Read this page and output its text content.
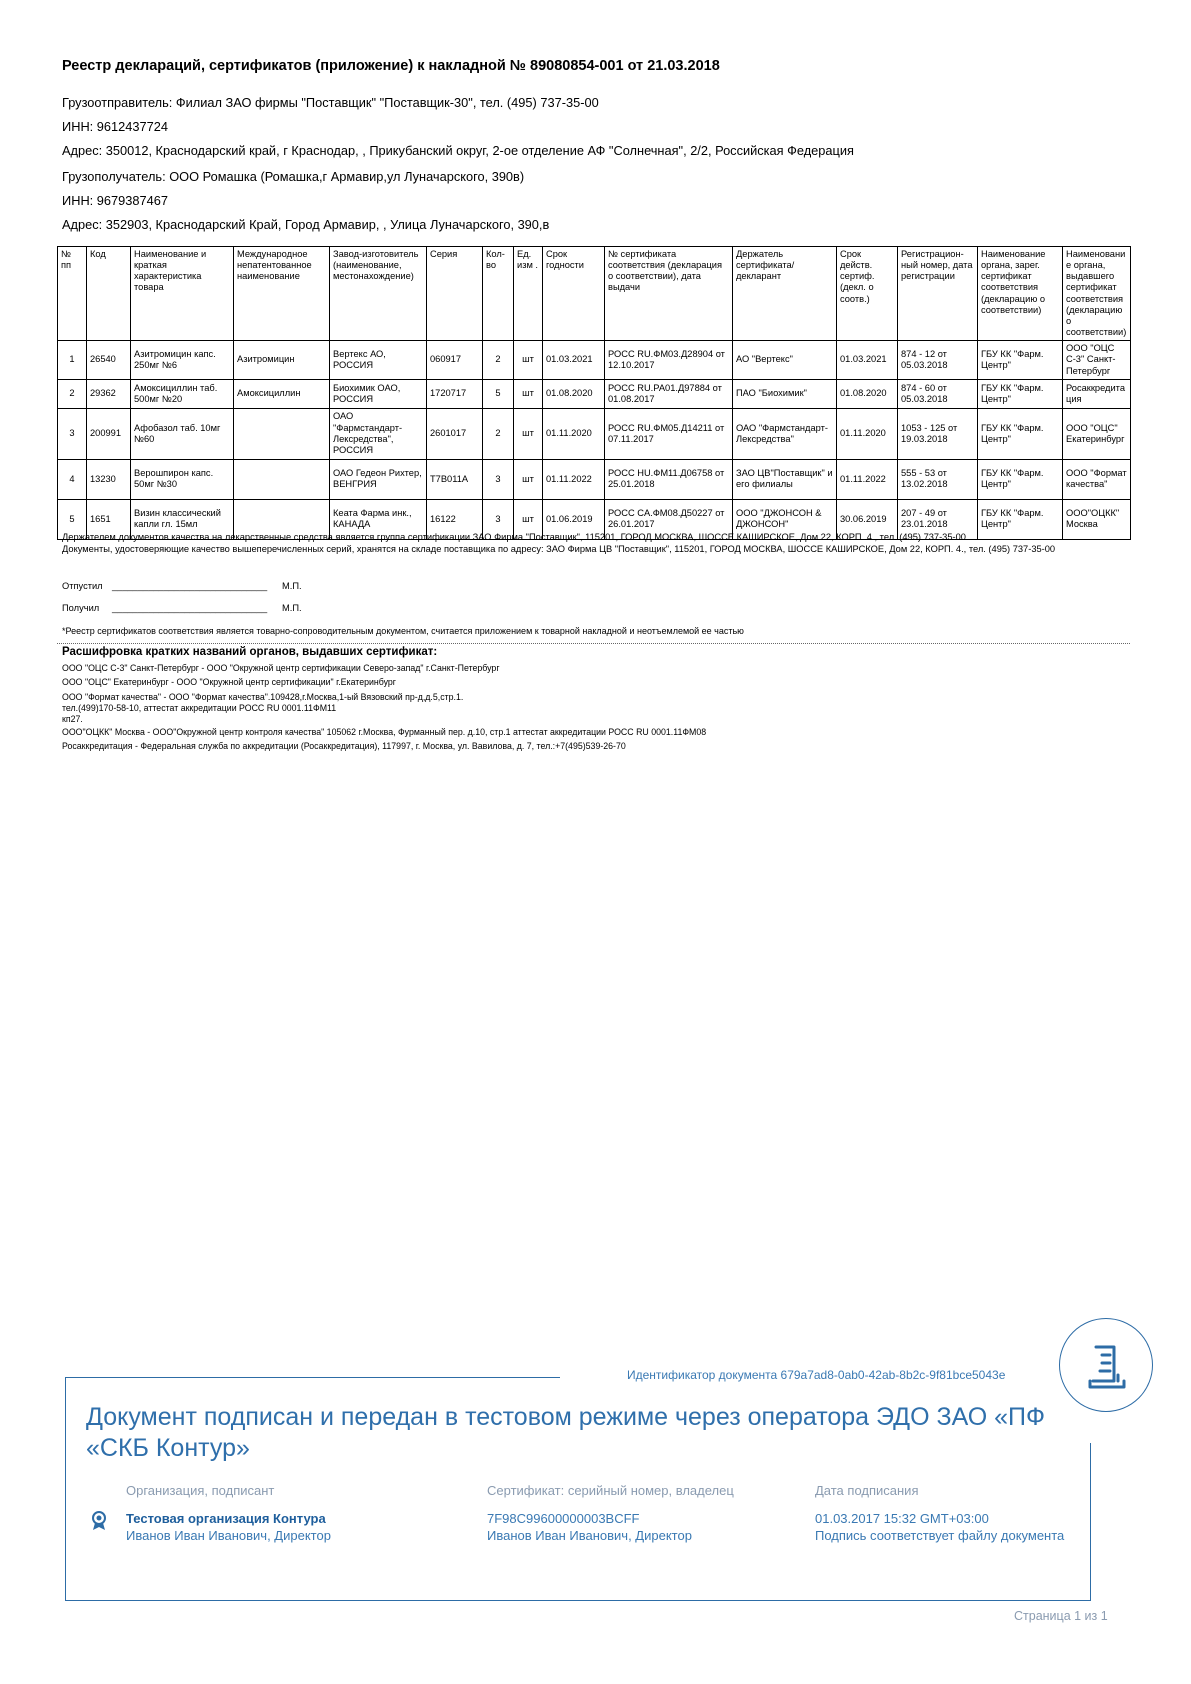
Реестр деклараций, сертификатов (приложение) к накладной № 89080854-001 от 21.03.2018
Грузоотправитель: Филиал ЗАО фирмы "Поставщик" "Поставщик-30", тел. (495) 737-35-00
ИНН: 9612437724
Адрес: 350012, Краснодарский край, г Краснодар, , Прикубанский округ, 2-ое отделение АФ "Солнечная", 2/2, Российская Федерация
Грузополучатель: ООО Ромашка (Ромашка,г Армавир,ул Луначарского, 390в)
ИНН: 9679387467
Адрес: 352903, Краснодарский Край, Город Армавир, , Улица Луначарского, 390,в
№ пп	Код	Наименование и краткая характеристика товара	Международное непатентованное наименование	Завод-изготовитель (наименование, местонахождение)	Серия	Кол-во	Ед. изм .	Срок годности	№ сертификата соответствия (декларация о соответствии), дата выдачи	Держатель сертификата/декларант	Срок действ. сертиф. (декл. о соотв.)	Регистрацион-ный номер, дата регистрации	Наименование органа, зарег. сертификат соответствия (декларацию о соответствии)	Наименование органа, выдавшего сертификат соответствия (декларацию о соответствии)
1	26540	Азитромицин капс. 250мг №6	Азитромицин	Вертекс АО, РОССИЯ	060917	2	шт	01.03.2021	РОСС RU.ФМ03.Д28904 от 12.10.2017	АО "Вертекс"	01.03.2021	874 - 12 от 05.03.2018	ГБУ КК "Фарм. Центр"	ООО "ОЦС С-3" Санкт-Петербург
2	29362	Амоксициллин таб. 500мг №20	Амоксициллин	Биохимик ОАО, РОССИЯ	1720717	5	шт	01.08.2020	РОСС RU.РА01.Д97884 от 01.08.2017	ПАО "Биохимик"	01.08.2020	874 - 60 от 05.03.2018	ГБУ КК "Фарм. Центр"	Росаккредитация
3	200991	Афобазол таб. 10мг №60		ОАО "Фармстандарт-Лексредства", РОССИЯ	2601017	2	шт	01.11.2020	РОСС RU.ФМ05.Д14211 от 07.11.2017	ОАО "Фармстандарт-Лексредства"	01.11.2020	1053 - 125 от 19.03.2018	ГБУ КК "Фарм. Центр"	ООО "ОЦС" Екатеринбург
4	13230	Верошпирон капс. 50мг №30		ОАО Гедеон Рихтер, ВЕНГРИЯ	T7B011A	3	шт	01.11.2022	РОСС HU.ФМ11.Д06758 от 25.01.2018	ЗАО ЦВ"Поставщик" и его филиалы	01.11.2022	555 - 53 от 13.02.2018	ГБУ КК "Фарм. Центр"	ООО "Формат качества"
5	1651	Визин классический капли гл. 15мл		Кеата Фарма инк., КАНАДА	16122	3	шт	01.06.2019	РОСС CA.ФМ08.Д50227 от 26.01.2017	ООО "ДЖОНСОН & ДЖОНСОН"	30.06.2019	207 - 49 от 23.01.2018	ГБУ КК "Фарм. Центр"	ООО"ОЦКК" Москва
Держателем документов качества на лекарственные средства является группа сертификации ЗАО Фирма "Поставщик", 115201, ГОРОД МОСКВА, ШОССЕ КАШИРСКОЕ, Дом 22, КОРП. 4., тел. (495) 737-35-00
Документы, удостоверяющие качество вышеперечисленных серий, хранятся на складе поставщика по адресу: ЗАО Фирма ЦВ "Поставщик", 115201, ГОРОД МОСКВА, ШОССЕ КАШИРСКОЕ, Дом 22, КОРП. 4., тел. (495) 737-35-00
Отпустил ______________________________ М.П.
Получил ______________________________ М.П.
*Реестр сертификатов соответствия является товарно-сопроводительным документом, считается приложением к товарной накладной и неотъемлемой ее частью
Расшифровка кратких названий органов, выдавших сертификат:
ООО "ОЦС С-3" Санкт-Петербург - ООО "Окружной центр сертификации Северо-запад" г.Санкт-Петербург
ООО "ОЦС" Екатеринбург - ООО "Окружной центр сертификации" г.Екатеринбург
ООО "Формат качества" - ООО "Формат качества".109428,г.Москва,1-ый Вязовский пр-д,д.5,стр.1.
тел.(499)170-58-10, аттестат аккредитации РОСС RU 0001.11ФМ11
кп27.
ООО"ОЦКК" Москва - ООО"Окружной центр контроля качества" 105062 г.Москва, Фурманный пер. д.10, стр.1 аттестат аккредитации РОСС RU 0001.11ФМ08
Росаккредитация - Федеральная служба по аккредитации (Росаккредитация), 117997, г. Москва, ул. Вавилова, д. 7, тел.:+7(495)539-26-70
Идентификатор документа 679a7ad8-0ab0-42ab-8b2c-9f81bce5043e
Документ подписан и передан в тестовом режиме через оператора ЭДО ЗАО «ПФ «СКБ Контур»
Организация, подписант
Тестовая организация Контура
Иванов Иван Иванович, Директор
Сертификат: серийный номер, владелец
7F98C99600000003BCFF
Иванов Иван Иванович, Директор
Дата подписания
01.03.2017 15:32 GMT+03:00
Подпись соответствует файлу документа
Страница 1 из 1
